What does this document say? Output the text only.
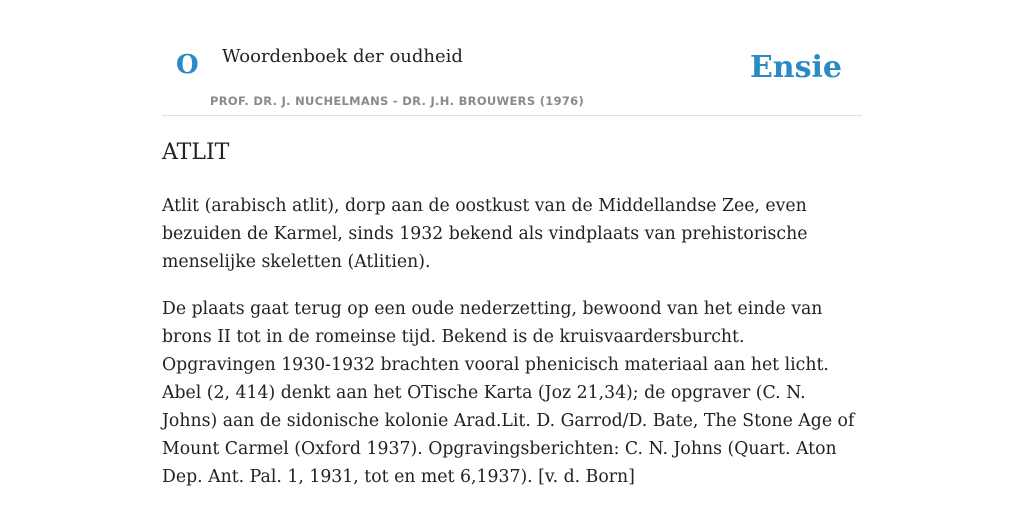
O Woordenboek der oudheid
PROF. DR. J. NUCHELMANS - DR. J.H. BROUWERS (1976)
Ensie
ATLIT

Atlit (arabisch atlit), dorp aan de oostkust van de Middellandse Zee, even bezuiden de Karmel, sinds 1932 bekend als vindplaats van prehistorische menselijke skeletten (Atlitien).

De plaats gaat terug op een oude nederzetting, bewoond van het einde van brons II tot in de romeinse tijd. Bekend is de kruisvaardersburcht. Opgravingen 1930-1932 brachten vooral phenicisch materiaal aan het licht. Abel (2, 414) denkt aan het OTische Karta (Joz 21,34); de opgraver (C. N. Johns) aan de sidonische kolonie Arad.Lit. D. Garrod/D. Bate, The Stone Age of Mount Carmel (Oxford 1937). Opgravingsberichten: C. N. Johns (Quart. Aton Dep. Ant. Pal. 1, 1931, tot en met 6,1937). [v. d. Born]
